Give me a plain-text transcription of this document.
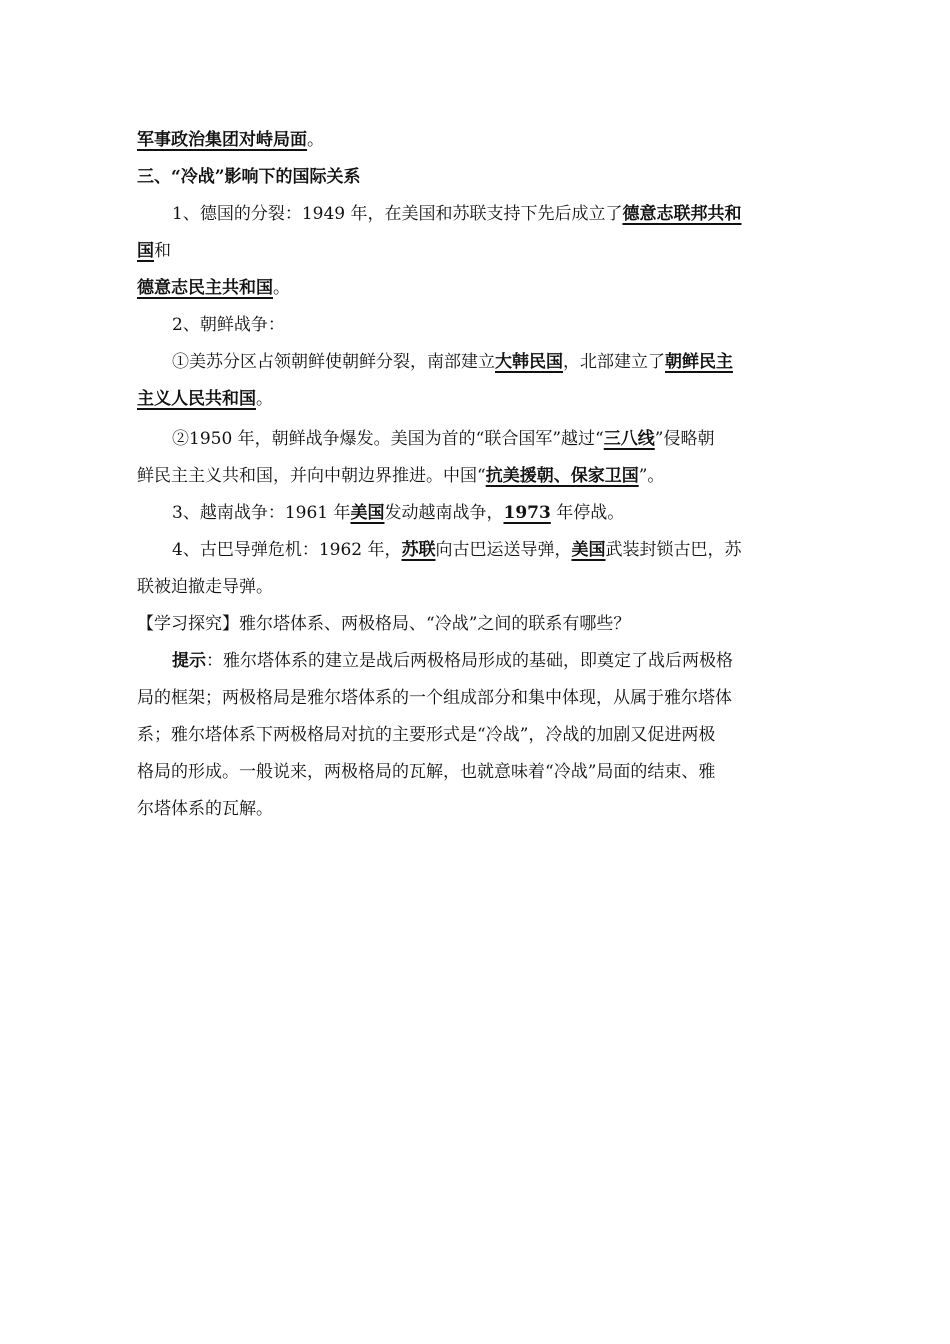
军事政治集团对峙局面。

三、“冷战”影响下的国际关系

1、德国的分裂：1949 年，在美国和苏联支持下先后成立了德意志联邦共和

国和

德意志民主共和国。

2、朝鲜战争：

①美苏分区占领朝鲜使朝鲜分裂，南部建立大韩民国，北部建立了朝鲜民主

主义人民共和国。

②1950 年，朝鲜战争爆发。美国为首的“联合国军”越过“三八线”侵略朝

鲜民主主义共和国，并向中朝边界推进。中国“抗美援朝、保家卫国”。

3、越南战争：1961 年美国发动越南战争，1973 年停战。

4、古巴导弹危机：1962 年，苏联向古巴运送导弹，美国武装封锁古巴，苏

联被迫撤走导弹。

【学习探究】雅尔塔体系、两极格局、“冷战”之间的联系有哪些？

提示：雅尔塔体系的建立是战后两极格局形成的基础，即奠定了战后两极格

局的框架；两极格局是雅尔塔体系的一个组成部分和集中体现，从属于雅尔塔体

系；雅尔塔体系下两极格局对抗的主要形式是“冷战”，冷战的加剧又促进两极

格局的形成。一般说来，两极格局的瓦解，也就意味着“冷战”局面的结束、雅

尔塔体系的瓦解。
